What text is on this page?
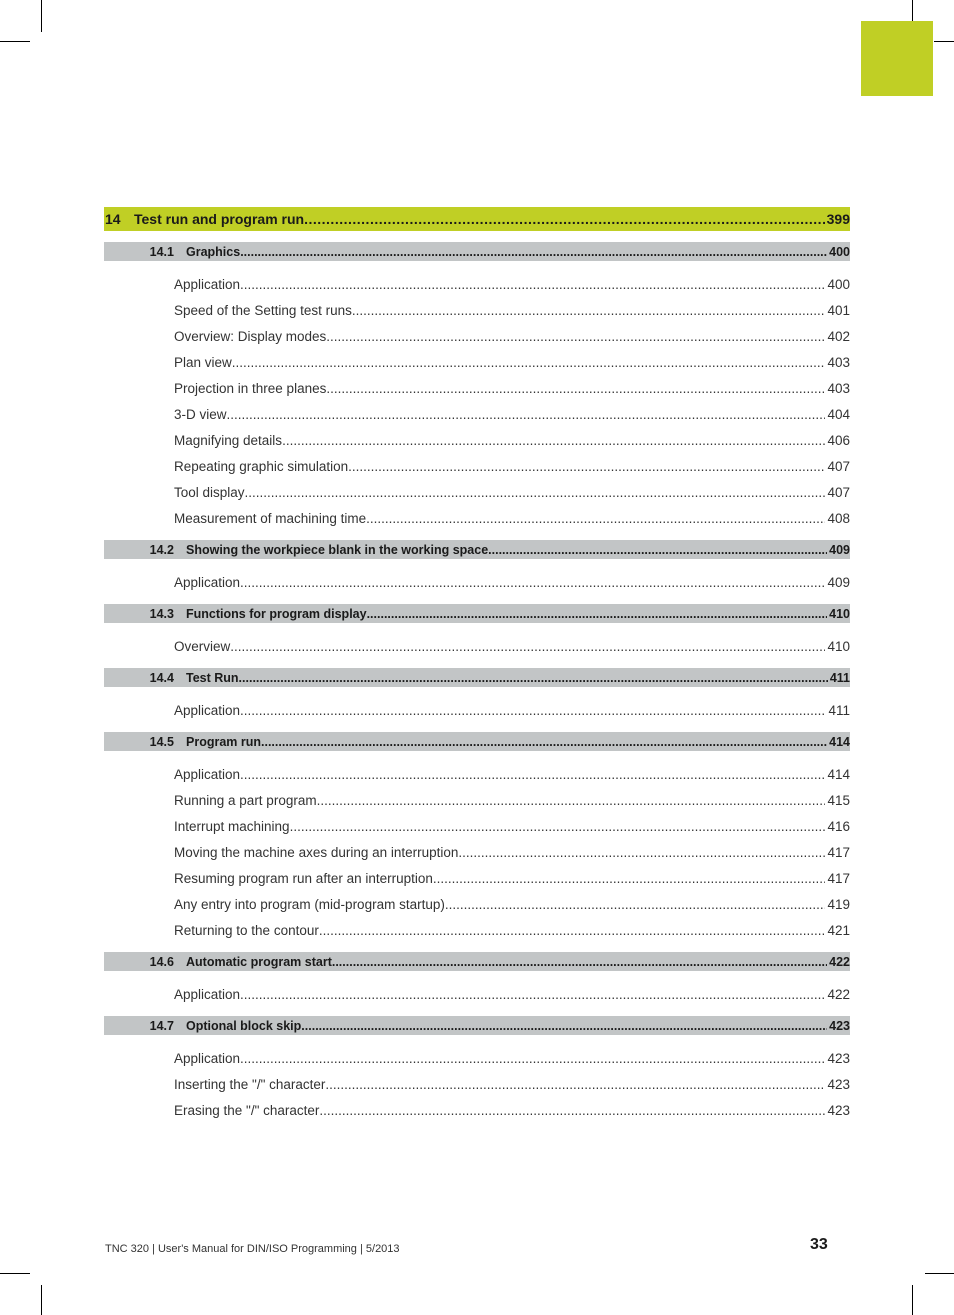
14 Test run and program run .....	399
14.1 Graphics .....	400
Application .....	400
Speed of the Setting test runs .....	401
Overview: Display modes .....	402
Plan view .....	403
Projection in three planes .....	403
3-D view .....	404
Magnifying details .....	406
Repeating graphic simulation .....	407
Tool display .....	407
Measurement of machining time .....	408
14.2 Showing the workpiece blank in the working space .....	409
Application .....	409
14.3 Functions for program display .....	410
Overview .....	410
14.4 Test Run .....	411
Application .....	411
14.5 Program run .....	414
Application .....	414
Running a part program .....	415
Interrupt machining .....	416
Moving the machine axes during an interruption .....	417
Resuming program run after an interruption .....	417
Any entry into program (mid-program startup) .....	419
Returning to the contour .....	421
14.6 Automatic program start .....	422
Application .....	422
14.7 Optional block skip .....	423
Application .....	423
Inserting the "/" character .....	423
Erasing the "/" character .....	423
TNC 320 | User's Manual for DIN/ISO Programming | 5/2013	33
